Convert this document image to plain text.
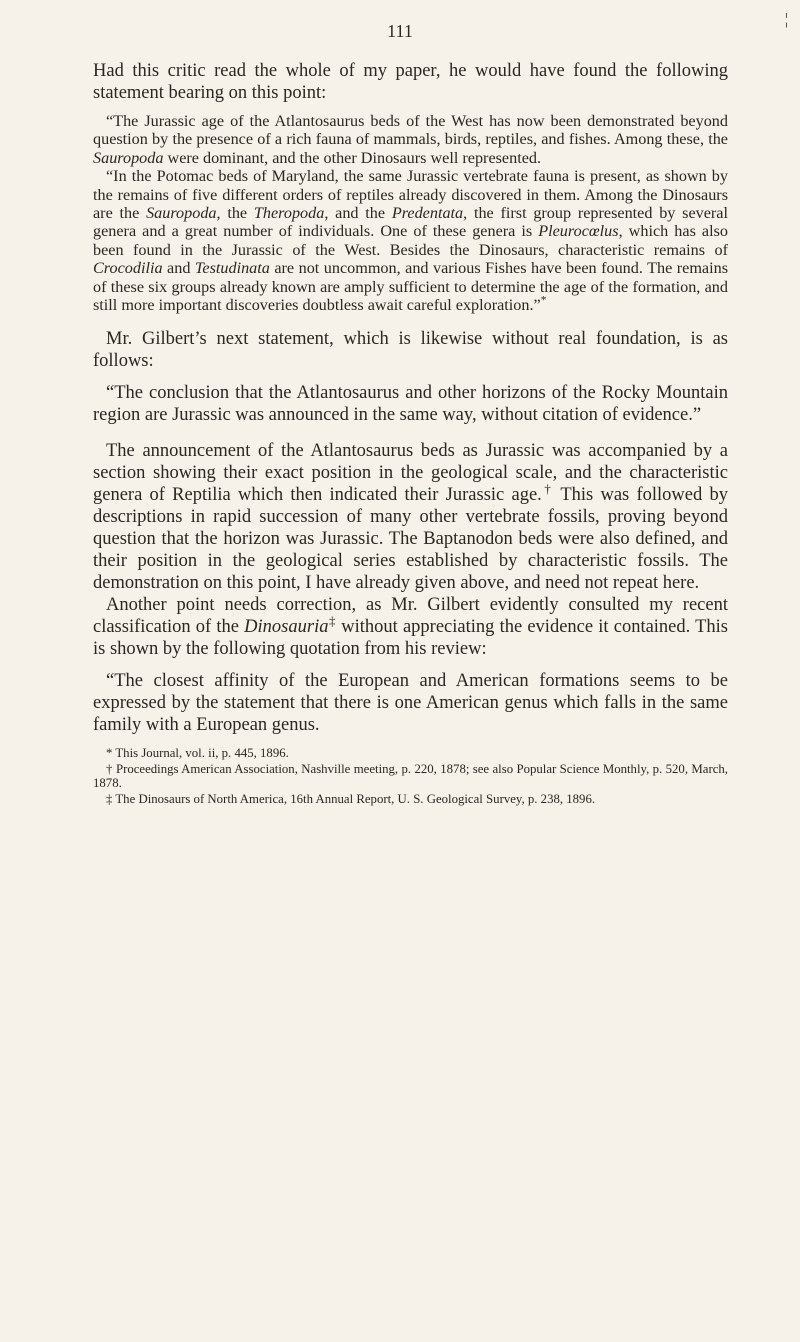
¦
111

Had this critic read the whole of my paper, he would have found the following statement bearing on this point:

“The Jurassic age of the Atlantosaurus beds of the West has now been demonstrated beyond question by the presence of a rich fauna of mammals, birds, reptiles, and fishes. Among these, the Sauropoda were dominant, and the other Dinosaurs well represented.

“In the Potomac beds of Maryland, the same Jurassic vertebrate fauna is present, as shown by the remains of five different orders of reptiles already discovered in them. Among the Dinosaurs are the Sauropoda, the Theropoda, and the Predentata, the first group represented by several genera and a great number of individuals. One of these genera is Pleurocœlus, which has also been found in the Jurassic of the West. Besides the Dinosaurs, characteristic remains of Crocodilia and Testudinata are not uncommon, and various Fishes have been found. The remains of these six groups already known are amply sufficient to determine the age of the formation, and still more important discoveries doubtless await careful exploration.”*

Mr. Gilbert’s next statement, which is likewise without real foundation, is as follows:

“The conclusion that the Atlantosaurus and other horizons of the Rocky Mountain region are Jurassic was announced in the same way, without citation of evidence.”

The announcement of the Atlantosaurus beds as Jurassic was accompanied by a section showing their exact position in the geological scale, and the characteristic genera of Reptilia which then indicated their Jurassic age.† This was followed by descriptions in rapid succession of many other vertebrate fossils, proving beyond question that the horizon was Jurassic. The Baptanodon beds were also defined, and their position in the geological series established by characteristic fossils. The demonstration on this point, I have already given above, and need not repeat here.

Another point needs correction, as Mr. Gilbert evidently consulted my recent classification of the Dinosauria‡ without appreciating the evidence it contained. This is shown by the following quotation from his review:

“The closest affinity of the European and American formations seems to be expressed by the statement that there is one American genus which falls in the same family with a European genus.

* This Journal, vol. ii, p. 445, 1896.

† Proceedings American Association, Nashville meeting, p. 220, 1878; see also Popular Science Monthly, p. 520, March, 1878.

‡ The Dinosaurs of North America, 16th Annual Report, U. S. Geological Survey, p. 238, 1896.
